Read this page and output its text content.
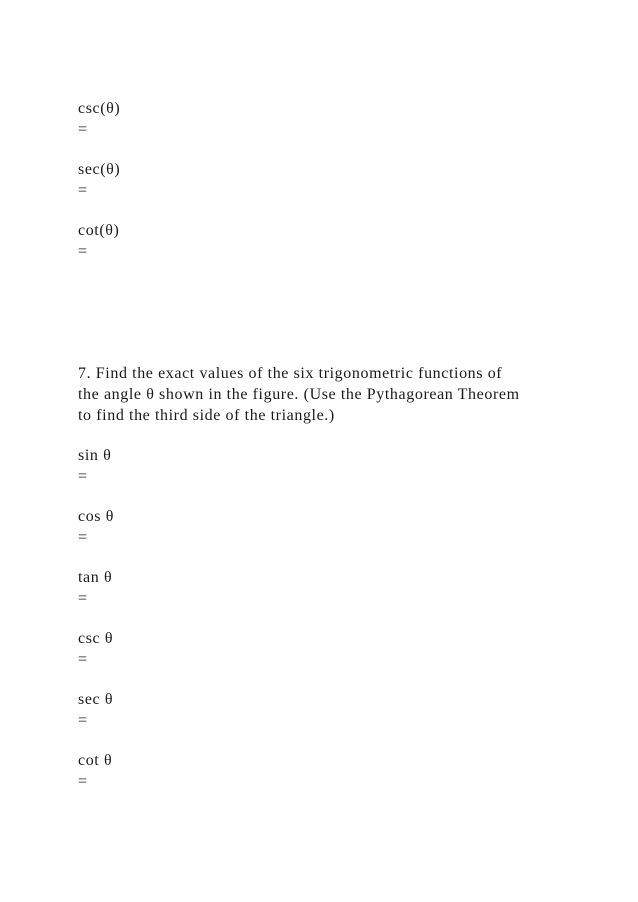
csc(θ)
=
sec(θ)
=
cot(θ)
=
7. Find the exact values of the six trigonometric functions of
the angle θ shown in the figure. (Use the Pythagorean Theorem
to find the third side of the triangle.)
sin θ
=
cos θ
=
tan θ
=
csc θ
=
sec θ
=
cot θ
=
